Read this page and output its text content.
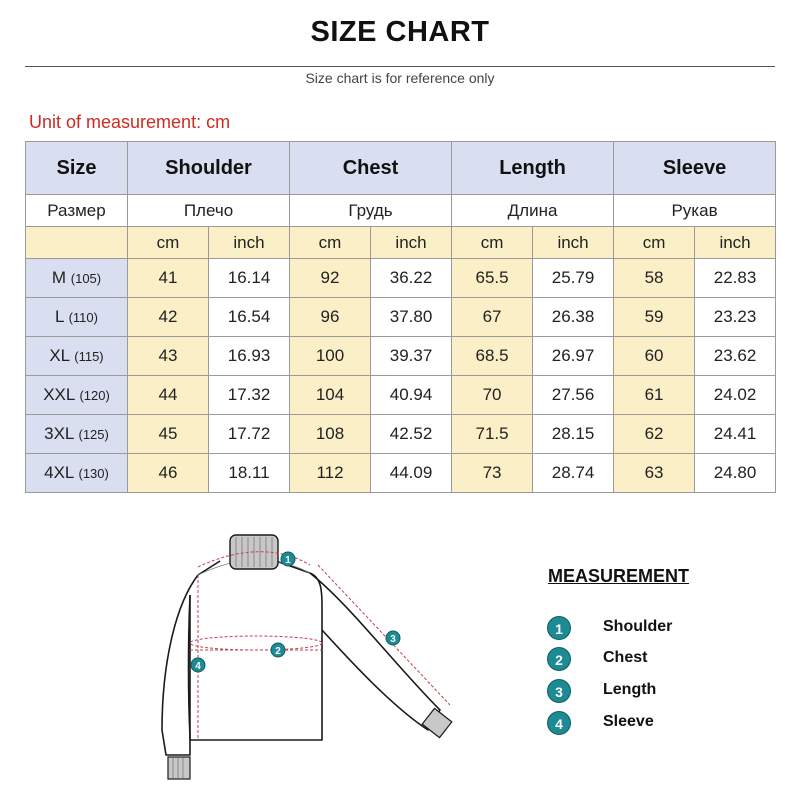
SIZE CHART
Size chart is for reference only
Unit of measurement: cm
Size	Shoulder		Chest		Length		Sleeve	
Размер	Плечо		Грудь		Длина		Рукав	
	cm	inch	cm	inch	cm	inch	cm	inch
M (105)	41	16.14	92	36.22	65.5	25.79	58	22.83
L (110)	42	16.54	96	37.80	67	26.38	59	23.23
XL (115)	43	16.93	100	39.37	68.5	26.97	60	23.62
XXL (120)	44	17.32	104	40.94	70	27.56	61	24.02
3XL (125)	45	17.72	108	42.52	71.5	28.15	62	24.41
4XL (130)	46	18.11	112	44.09	73	28.74	63	24.80
1
2
3
4
MEASUREMENT
1	Shoulder
2	Chest
3	Length
4	Sleeve
